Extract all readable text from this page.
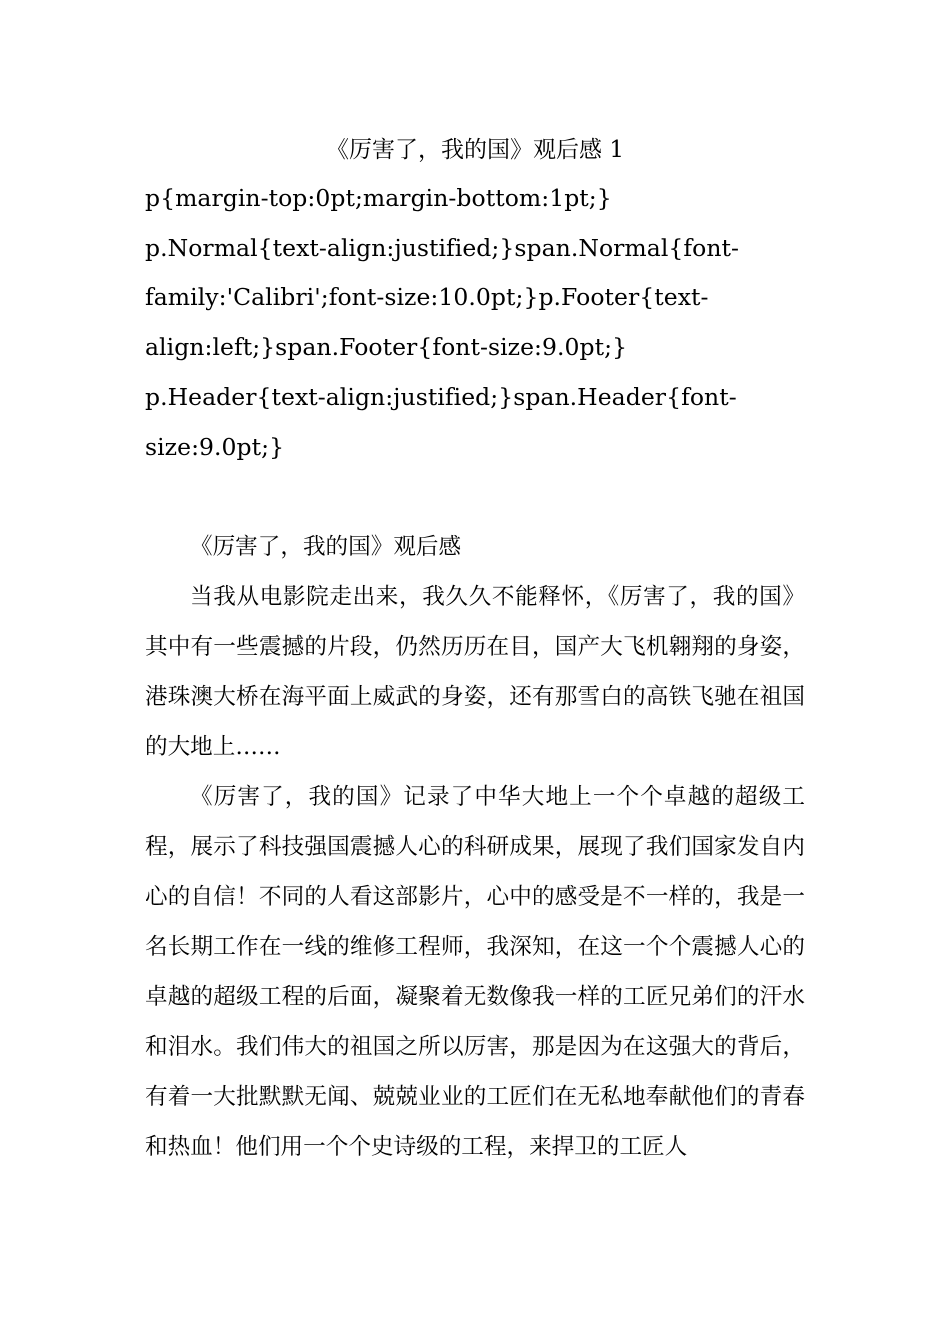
《厉害了，我的国》观后感 1

p{margin-top:0pt;margin-bottom:1pt;}
p.Normal{text-align:justified;}span.Normal{font-
family:'Calibri';font-size:10.0pt;}p.Footer{text-
align:left;}span.Footer{font-size:9.0pt;}
p.Header{text-align:justified;}span.Header{font-
size:9.0pt;}

《厉害了，我的国》观后感

当我从电影院走出来，我久久不能释怀，《厉害了，我的国》其中有一些震撼的片段，仍然历历在目，国产大飞机翱翔的身姿，港珠澳大桥在海平面上威武的身姿，还有那雪白的高铁飞驰在祖国的大地上……

《厉害了，我的国》记录了中华大地上一个个卓越的超级工程，展示了科技强国震撼人心的科研成果，展现了我们国家发自内心的自信！不同的人看这部影片，心中的感受是不一样的，我是一名长期工作在一线的维修工程师，我深知，在这一个个震撼人心的卓越的超级工程的后面，凝聚着无数像我一样的工匠兄弟们的汗水和泪水。我们伟大的祖国之所以厉害，那是因为在这强大的背后，有着一大批默默无闻、兢兢业业的工匠们在无私地奉献他们的青春和热血！他们用一个个史诗级的工程，来捍卫的工匠人
